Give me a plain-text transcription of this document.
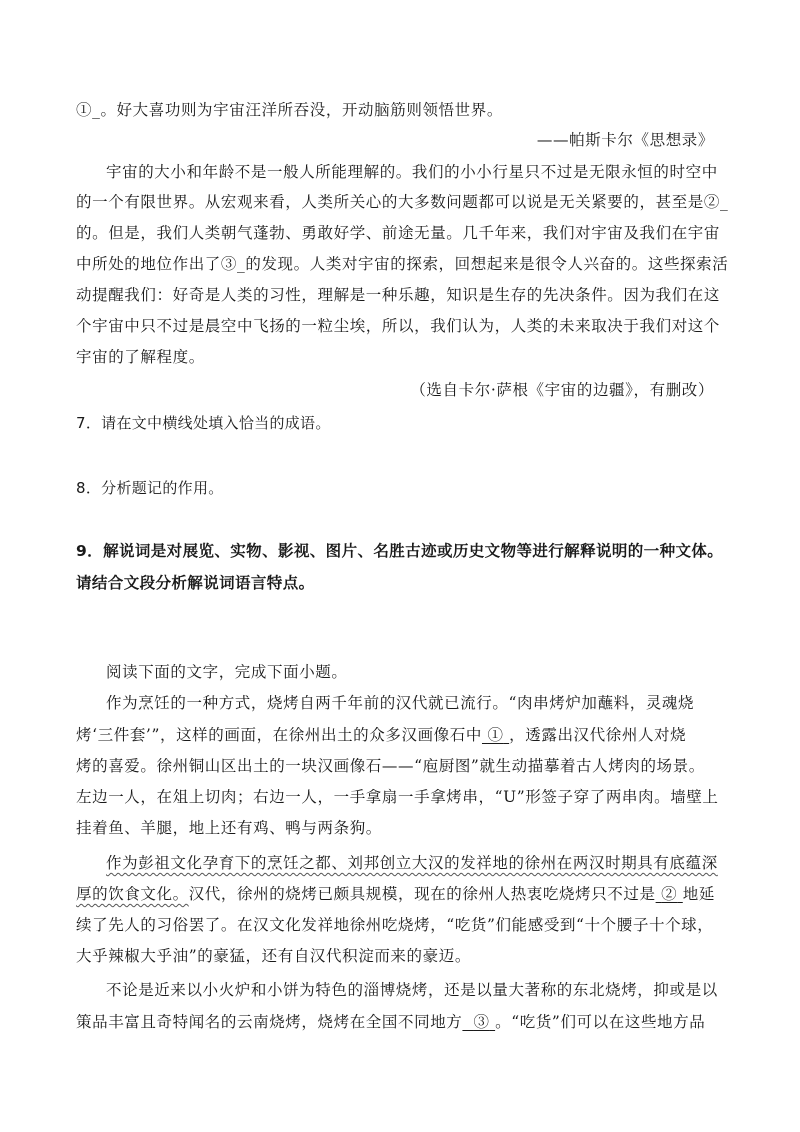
①_。好大喜功则为宇宙汪洋所吞没，开动脑筋则领悟世界。
——帕斯卡尔《思想录》
宇宙的大小和年龄不是一般人所能理解的。我们的小小行星只不过是无限永恒的时空中
的一个有限世界。从宏观来看，人类所关心的大多数问题都可以说是无关紧要的，甚至是②_
的。但是，我们人类朝气蓬勃、勇敢好学、前途无量。几千年来，我们对宇宙及我们在宇宙
中所处的地位作出了③_的发现。人类对宇宙的探索，回想起来是很令人兴奋的。这些探索活
动提醒我们：好奇是人类的习性，理解是一种乐趣，知识是生存的先决条件。因为我们在这
个宇宙中只不过是晨空中飞扬的一粒尘埃，所以，我们认为，人类的未来取决于我们对这个
宇宙的了解程度。
（选自卡尔·萨根《宇宙的边疆》，有删改）
7．请在文中横线处填入恰当的成语。
8．分析题记的作用。
9．解说词是对展览、实物、影视、图片、名胜古迹或历史文物等进行解释说明的一种文体。
请结合文段分析解说词语言特点。
阅读下面的文字，完成下面小题。
作为烹饪的一种方式，烧烤自两千年前的汉代就已流行。“肉串烤炉加蘸料，灵魂烧
烤‘三件套’”，这样的画面，在徐州出土的众多汉画像石中 ① ，透露出汉代徐州人对烧
烤的喜爱。徐州铜山区出土的一块汉画像石——“庖厨图”就生动描摹着古人烤肉的场景。
左边一人，在俎上切肉；右边一人，一手拿扇一手拿烤串，“U”形签子穿了两串肉。墙壁上
挂着鱼、羊腿，地上还有鸡、鸭与两条狗。
作为彭祖文化孕育下的烹饪之都、刘邦创立大汉的发祥地的徐州在两汉时期具有底蕴深
厚的饮食文化。汉代，徐州的烧烤已颇具规模，现在的徐州人热衷吃烧烤只不过是 ② 地延
续了先人的习俗罢了。在汉文化发祥地徐州吃烧烤，“吃货”们能感受到“十个腰子十个球，
大乎辣椒大乎油”的豪猛，还有自汉代积淀而来的豪迈。
不论是近来以小火炉和小饼为特色的淄博烧烤，还是以量大著称的东北烧烤，抑或是以
策品丰富且奇特闻名的云南烧烤，烧烤在全国不同地方 ③ 。“吃货”们可以在这些地方品
